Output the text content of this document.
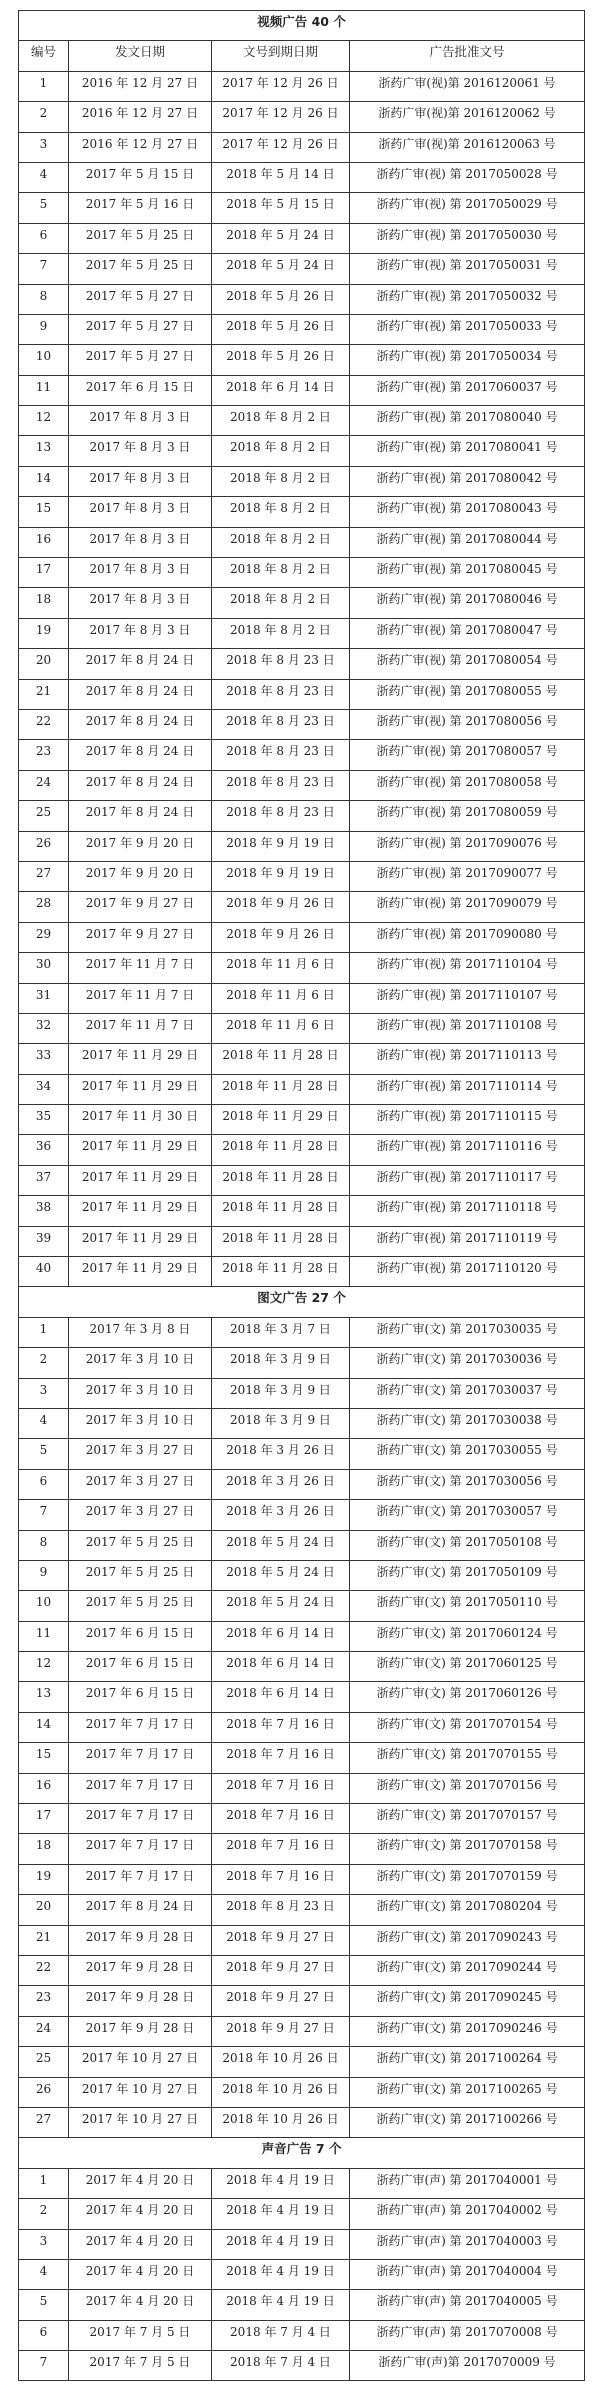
视频广告 40 个			
编号	发文日期	文号到期日期	广告批准文号
1	2016 年 12 月 27 日	2017 年 12 月 26 日	浙药广审(视)第 2016120061 号
2	2016 年 12 月 27 日	2017 年 12 月 26 日	浙药广审(视)第 2016120062 号
3	2016 年 12 月 27 日	2017 年 12 月 26 日	浙药广审(视)第 2016120063 号
4	2017 年 5 月 15 日	2018 年 5 月 14 日	浙药广审(视) 第 2017050028 号
5	2017 年 5 月 16 日	2018 年 5 月 15 日	浙药广审(视) 第 2017050029 号
6	2017 年 5 月 25 日	2018 年 5 月 24 日	浙药广审(视) 第 2017050030 号
7	2017 年 5 月 25 日	2018 年 5 月 24 日	浙药广审(视) 第 2017050031 号
8	2017 年 5 月 27 日	2018 年 5 月 26 日	浙药广审(视) 第 2017050032 号
9	2017 年 5 月 27 日	2018 年 5 月 26 日	浙药广审(视) 第 2017050033 号
10	2017 年 5 月 27 日	2018 年 5 月 26 日	浙药广审(视) 第 2017050034 号
11	2017 年 6 月 15 日	2018 年 6 月 14 日	浙药广审(视) 第 2017060037 号
12	2017 年 8 月 3 日	2018 年 8 月 2 日	浙药广审(视) 第 2017080040 号
13	2017 年 8 月 3 日	2018 年 8 月 2 日	浙药广审(视) 第 2017080041 号
14	2017 年 8 月 3 日	2018 年 8 月 2 日	浙药广审(视) 第 2017080042 号
15	2017 年 8 月 3 日	2018 年 8 月 2 日	浙药广审(视) 第 2017080043 号
16	2017 年 8 月 3 日	2018 年 8 月 2 日	浙药广审(视) 第 2017080044 号
17	2017 年 8 月 3 日	2018 年 8 月 2 日	浙药广审(视) 第 2017080045 号
18	2017 年 8 月 3 日	2018 年 8 月 2 日	浙药广审(视) 第 2017080046 号
19	2017 年 8 月 3 日	2018 年 8 月 2 日	浙药广审(视) 第 2017080047 号
20	2017 年 8 月 24 日	2018 年 8 月 23 日	浙药广审(视) 第 2017080054 号
21	2017 年 8 月 24 日	2018 年 8 月 23 日	浙药广审(视) 第 2017080055 号
22	2017 年 8 月 24 日	2018 年 8 月 23 日	浙药广审(视) 第 2017080056 号
23	2017 年 8 月 24 日	2018 年 8 月 23 日	浙药广审(视) 第 2017080057 号
24	2017 年 8 月 24 日	2018 年 8 月 23 日	浙药广审(视) 第 2017080058 号
25	2017 年 8 月 24 日	2018 年 8 月 23 日	浙药广审(视) 第 2017080059 号
26	2017 年 9 月 20 日	2018 年 9 月 19 日	浙药广审(视) 第 2017090076 号
27	2017 年 9 月 20 日	2018 年 9 月 19 日	浙药广审(视) 第 2017090077 号
28	2017 年 9 月 27 日	2018 年 9 月 26 日	浙药广审(视) 第 2017090079 号
29	2017 年 9 月 27 日	2018 年 9 月 26 日	浙药广审(视) 第 2017090080 号
30	2017 年 11 月 7 日	2018 年 11 月 6 日	浙药广审(视) 第 2017110104 号
31	2017 年 11 月 7 日	2018 年 11 月 6 日	浙药广审(视) 第 2017110107 号
32	2017 年 11 月 7 日	2018 年 11 月 6 日	浙药广审(视) 第 2017110108 号
33	2017 年 11 月 29 日	2018 年 11 月 28 日	浙药广审(视) 第 2017110113 号
34	2017 年 11 月 29 日	2018 年 11 月 28 日	浙药广审(视) 第 2017110114 号
35	2017 年 11 月 30 日	2018 年 11 月 29 日	浙药广审(视) 第 2017110115 号
36	2017 年 11 月 29 日	2018 年 11 月 28 日	浙药广审(视) 第 2017110116 号
37	2017 年 11 月 29 日	2018 年 11 月 28 日	浙药广审(视) 第 2017110117 号
38	2017 年 11 月 29 日	2018 年 11 月 28 日	浙药广审(视) 第 2017110118 号
39	2017 年 11 月 29 日	2018 年 11 月 28 日	浙药广审(视) 第 2017110119 号
40	2017 年 11 月 29 日	2018 年 11 月 28 日	浙药广审(视) 第 2017110120 号
图文广告 27 个			
1	2017 年 3 月 8 日	2018 年 3 月 7 日	浙药广审(文) 第 2017030035 号
2	2017 年 3 月 10 日	2018 年 3 月 9 日	浙药广审(文) 第 2017030036 号
3	2017 年 3 月 10 日	2018 年 3 月 9 日	浙药广审(文) 第 2017030037 号
4	2017 年 3 月 10 日	2018 年 3 月 9 日	浙药广审(文) 第 2017030038 号
5	2017 年 3 月 27 日	2018 年 3 月 26 日	浙药广审(文) 第 2017030055 号
6	2017 年 3 月 27 日	2018 年 3 月 26 日	浙药广审(文) 第 2017030056 号
7	2017 年 3 月 27 日	2018 年 3 月 26 日	浙药广审(文) 第 2017030057 号
8	2017 年 5 月 25 日	2018 年 5 月 24 日	浙药广审(文) 第 2017050108 号
9	2017 年 5 月 25 日	2018 年 5 月 24 日	浙药广审(文) 第 2017050109 号
10	2017 年 5 月 25 日	2018 年 5 月 24 日	浙药广审(文) 第 2017050110 号
11	2017 年 6 月 15 日	2018 年 6 月 14 日	浙药广审(文) 第 2017060124 号
12	2017 年 6 月 15 日	2018 年 6 月 14 日	浙药广审(文) 第 2017060125 号
13	2017 年 6 月 15 日	2018 年 6 月 14 日	浙药广审(文) 第 2017060126 号
14	2017 年 7 月 17 日	2018 年 7 月 16 日	浙药广审(文) 第 2017070154 号
15	2017 年 7 月 17 日	2018 年 7 月 16 日	浙药广审(文) 第 2017070155 号
16	2017 年 7 月 17 日	2018 年 7 月 16 日	浙药广审(文) 第 2017070156 号
17	2017 年 7 月 17 日	2018 年 7 月 16 日	浙药广审(文) 第 2017070157 号
18	2017 年 7 月 17 日	2018 年 7 月 16 日	浙药广审(文) 第 2017070158 号
19	2017 年 7 月 17 日	2018 年 7 月 16 日	浙药广审(文) 第 2017070159 号
20	2017 年 8 月 24 日	2018 年 8 月 23 日	浙药广审(文) 第 2017080204 号
21	2017 年 9 月 28 日	2018 年 9 月 27 日	浙药广审(文) 第 2017090243 号
22	2017 年 9 月 28 日	2018 年 9 月 27 日	浙药广审(文) 第 2017090244 号
23	2017 年 9 月 28 日	2018 年 9 月 27 日	浙药广审(文) 第 2017090245 号
24	2017 年 9 月 28 日	2018 年 9 月 27 日	浙药广审(文) 第 2017090246 号
25	2017 年 10 月 27 日	2018 年 10 月 26 日	浙药广审(文) 第 2017100264 号
26	2017 年 10 月 27 日	2018 年 10 月 26 日	浙药广审(文) 第 2017100265 号
27	2017 年 10 月 27 日	2018 年 10 月 26 日	浙药广审(文) 第 2017100266 号
声音广告 7 个			
1	2017 年 4 月 20 日	2018 年 4 月 19 日	浙药广审(声) 第 2017040001 号
2	2017 年 4 月 20 日	2018 年 4 月 19 日	浙药广审(声) 第 2017040002 号
3	2017 年 4 月 20 日	2018 年 4 月 19 日	浙药广审(声) 第 2017040003 号
4	2017 年 4 月 20 日	2018 年 4 月 19 日	浙药广审(声) 第 2017040004 号
5	2017 年 4 月 20 日	2018 年 4 月 19 日	浙药广审(声) 第 2017040005 号
6	2017 年 7 月 5 日	2018 年 7 月 4 日	浙药广审(声) 第 2017070008 号
7	2017 年 7 月 5 日	2018 年 7 月 4 日	浙药广审(声)第 2017070009 号
